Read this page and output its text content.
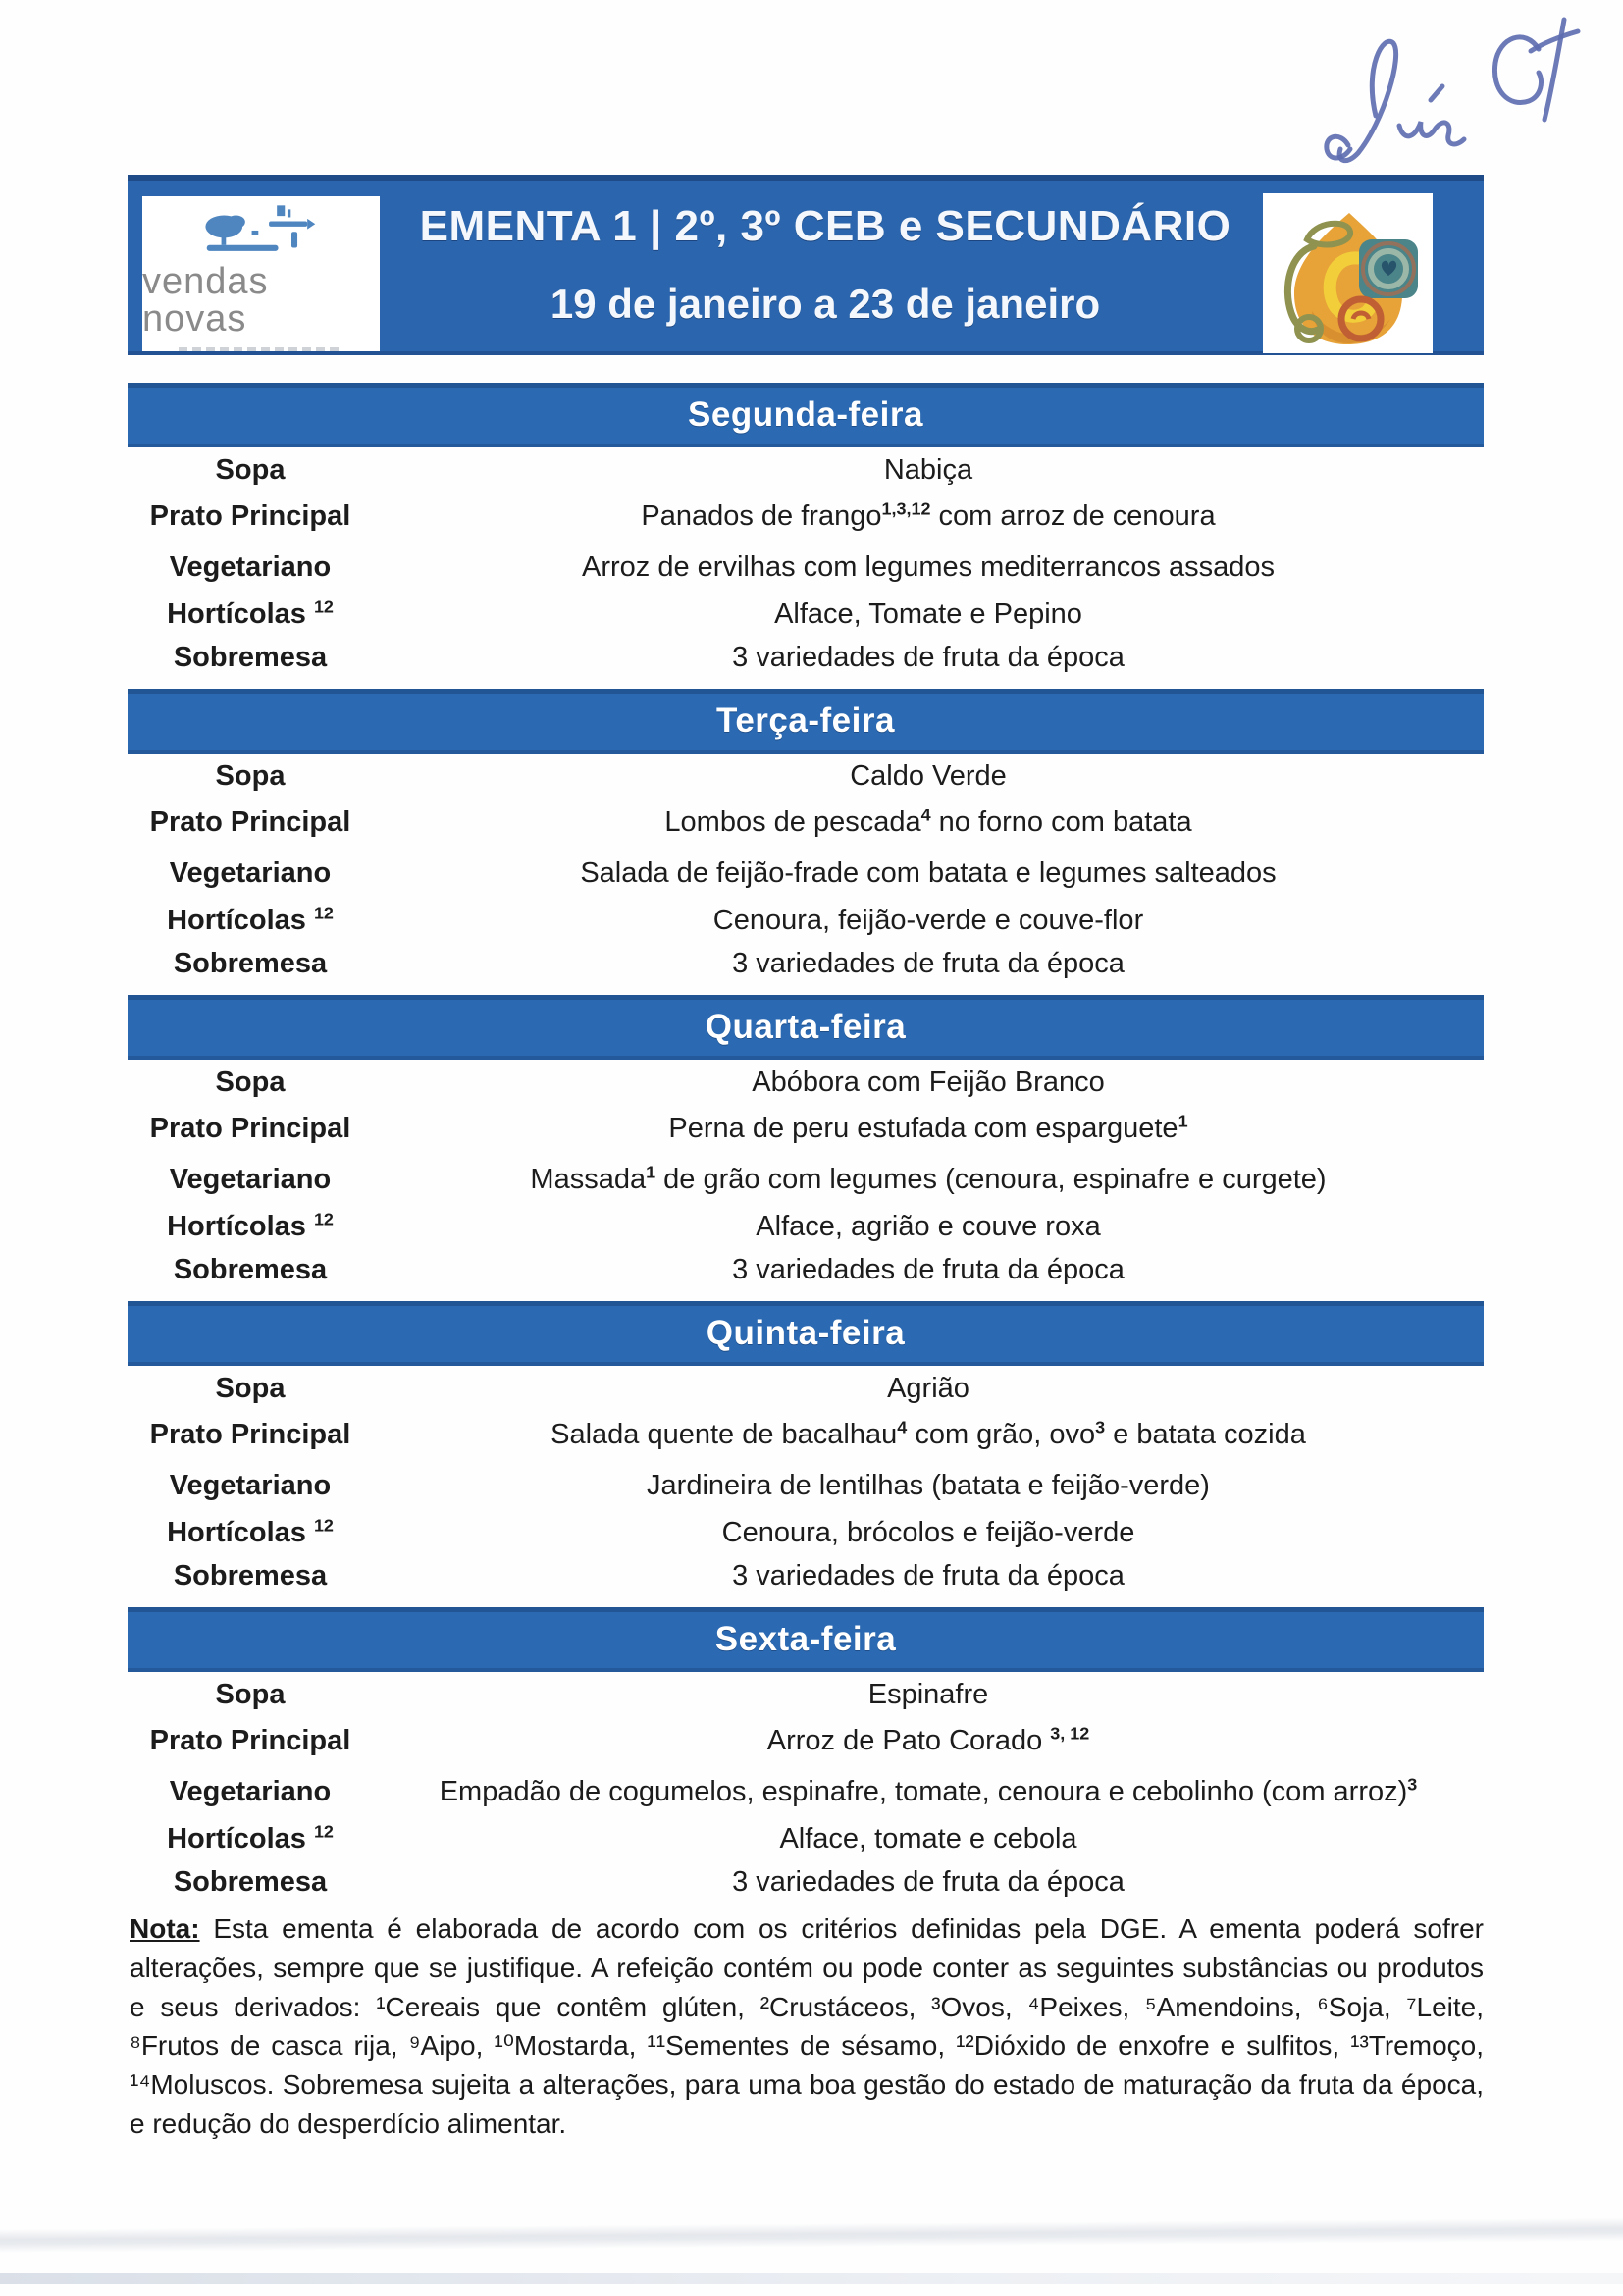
vendas novas
EMENTA 1 | 2º, 3º CEB e SECUNDÁRIO
19 de janeiro a 23 de janeiro
Segunda-feira
Sopa	Nabiça
Prato Principal	Panados de frango$^{1,3,12}$ com arroz de cenoura
Vegetariano	Arroz de ervilhas com legumes mediterrancos assados
Hortícolas $^{12}$	Alface, Tomate e Pepino
Sobremesa	3 variedades de fruta da época
Terça-feira
Sopa	Caldo Verde
Prato Principal	Lombos de pescada$^4$ no forno com batata
Vegetariano	Salada de feijão-frade com batata e legumes salteados
Hortícolas $^{12}$	Cenoura, feijão-verde e couve-flor
Sobremesa	3 variedades de fruta da época
Quarta-feira
Sopa	Abóbora com Feijão Branco
Prato Principal	Perna de peru estufada com esparguete$^1$
Vegetariano	Massada$^1$ de grão com legumes (cenoura, espinafre e curgete)
Hortícolas $^{12}$	Alface, agrião e couve roxa
Sobremesa	3 variedades de fruta da época
Quinta-feira
Sopa	Agrião
Prato Principal	Salada quente de bacalhau$^4$ com grão, ovo$^3$ e batata cozida
Vegetariano	Jardineira de lentilhas (batata e feijão-verde)
Hortícolas $^{12}$	Cenoura, brócolos e feijão-verde
Sobremesa	3 variedades de fruta da época
Sexta-feira
Sopa	Espinafre
Prato Principal	Arroz de Pato Corado $^{3, 12}$
Vegetariano	Empadão de cogumelos, espinafre, tomate, cenoura e cebolinho (com arroz)$^3$
Hortícolas $^{12}$	Alface, tomate e cebola
Sobremesa	3 variedades de fruta da época

Nota: Esta ementa é elaborada de acordo com os critérios definidas pela DGE. A ementa poderá sofrer alterações, sempre que se justifique. A refeição contém ou pode conter as seguintes substâncias ou produtos e seus derivados: ¹Cereais que contêm glúten, ²Crustáceos, ³Ovos, ⁴Peixes, ⁵Amendoins, ⁶Soja, ⁷Leite, ⁸Frutos de casca rija, ⁹Aipo, ¹⁰Mostarda, ¹¹Sementes de sésamo, ¹²Dióxido de enxofre e sulfitos, ¹³Tremoço, ¹⁴Moluscos. Sobremesa sujeita a alterações, para uma boa gestão do estado de maturação da fruta da época, e redução do desperdício alimentar.
